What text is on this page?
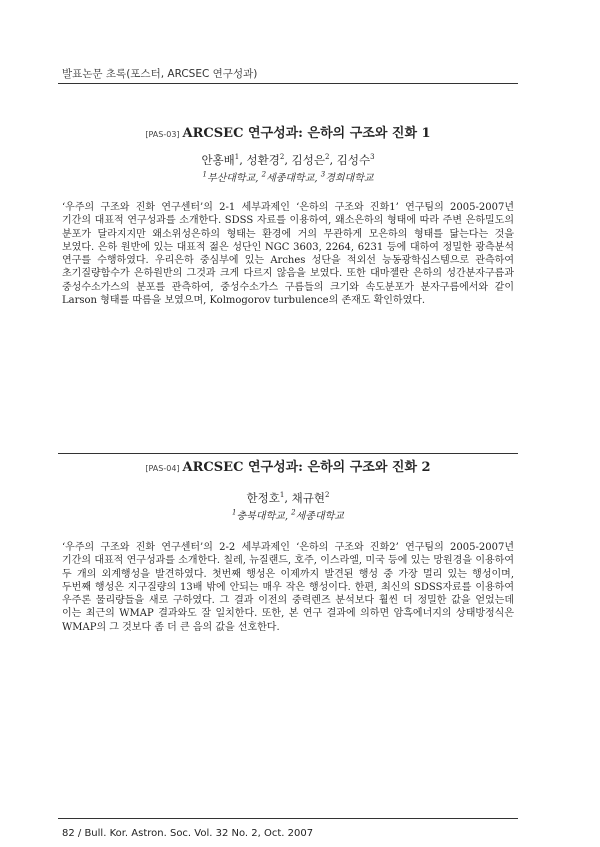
발표논문 초록(포스터, ARCSEC 연구성과)
[PAS-03] ARCSEC 연구성과: 은하의 구조와 진화 1
안홍배$^1$, 성환경$^2$, 김성은$^2$, 김성수$^3$
$^1$부산대학교, $^2$세종대학교, $^3$경희대학교
‘우주의 구조와 진화 연구센터’의 2-1 세부과제인 ‘은하의 구조와 진화1’ 연구팀의 2005-2007년 기간의 대표적 연구성과를 소개한다. SDSS 자료를 이용하여, 왜소은하의 형태에 따라 주변 은하밀도의 분포가 달라지지만 왜소위성은하의 형태는 환경에 거의 무관하게 모은하의 형태를 닮는다는 것을 보였다. 은하 원반에 있는 대표적 젊은 성단인 NGC 3603, 2264, 6231 등에 대하여 정밀한 광측분석 연구를 수행하였다. 우리은하 중심부에 있는 Arches 성단을 적외선 능동광학십스템으로 관측하여 초기질량함수가 은하원반의 그것과 크게 다르지 않음을 보였다. 또한 대마젤란 은하의 성간분자구름과 중성수소가스의 분포를 관측하여, 중성수소가스 구름들의 크기와 속도분포가 분자구름에서와 같이 Larson 형태를 따름을 보였으며, Kolmogorov turbulence의 존재도 확인하였다.
[PAS-04] ARCSEC 연구성과: 은하의 구조와 진화 2
한정호$^1$, 채규현$^2$
$^1$충북대학교, $^2$세종대학교
‘우주의 구조와 진화 연구센터’의 2-2 세부과제인 ‘은하의 구조와 진화2’ 연구팀의 2005-2007년 기간의 대표적 연구성과를 소개한다. 칠레, 뉴질랜드, 호주, 이스라엘, 미국 등에 있는 망원경을 이용하여 두 개의 외계행성을 발견하였다. 첫번째 행성은 이제까지 발견된 행성 중 가장 멀리 있는 행성이며, 두번째 행성은 지구질량의 13배 밖에 안되는 매우 작은 행성이다. 한편, 최신의 SDSS자료를 이용하여 우주론 물리량들을 새로 구하였다. 그 결과 이전의 중력렌즈 분석보다 훨씬 더 정밀한 값을 얻었는데 이는 최근의 WMAP 결과와도 잘 일치한다. 또한, 본 연구 결과에 의하면 암흑에너지의 상태방정식은 WMAP의 그 것보다 좀 더 큰 음의 값을 선호한다.
82 / Bull. Kor. Astron. Soc. Vol. 32 No. 2, Oct. 2007
